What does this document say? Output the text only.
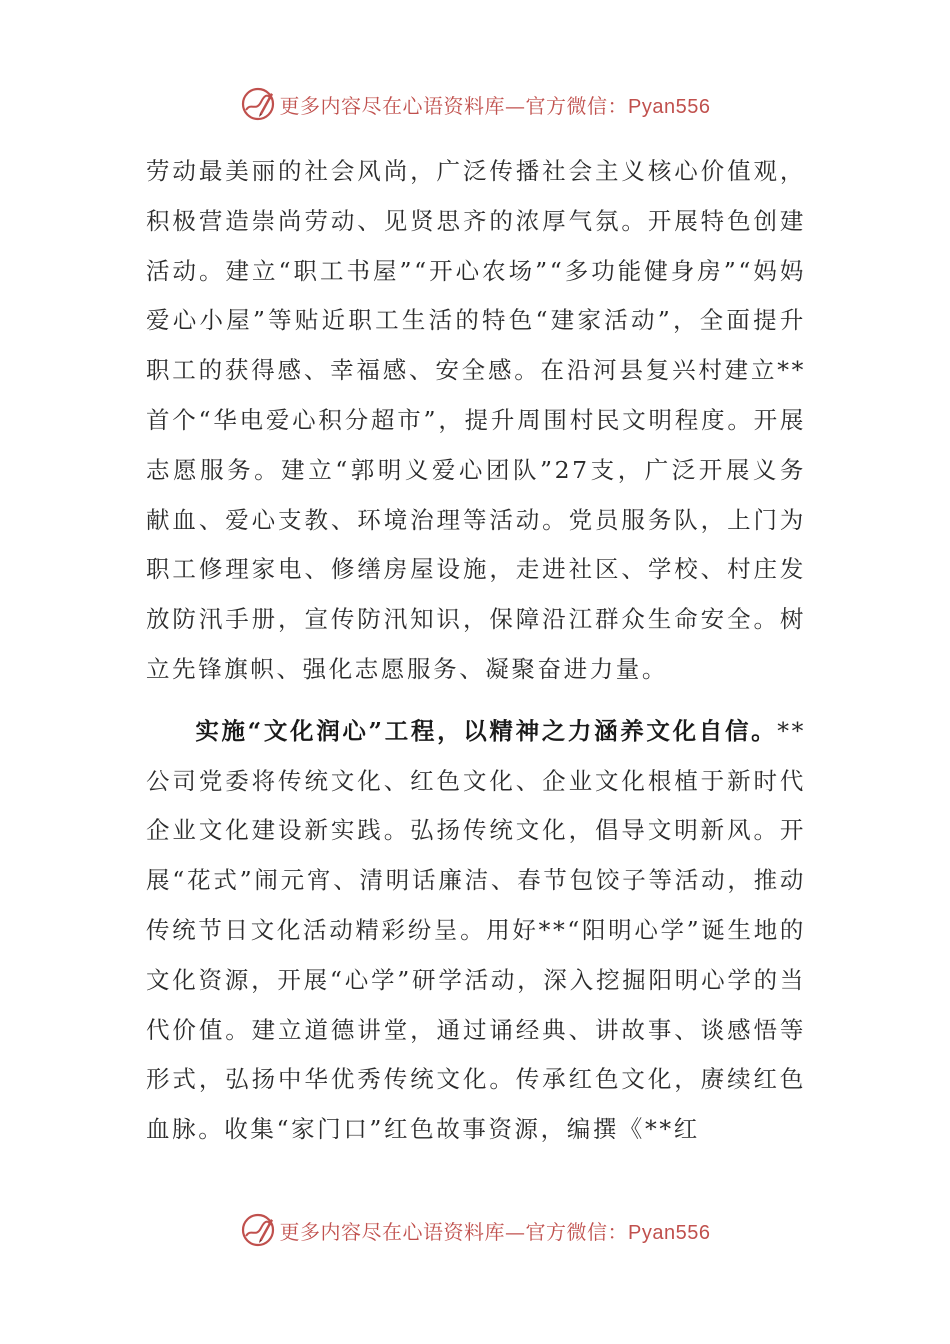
更多内容尽在心语资料库—官方微信：Pyan556

劳动最美丽的社会风尚，广泛传播社会主义核心价值观，积极营造崇尚劳动、见贤思齐的浓厚气氛。开展特色创建活动。建立“职工书屋”“开心农场”“多功能健身房”“妈妈爱心小屋”等贴近职工生活的特色“建家活动”，全面提升职工的获得感、幸福感、安全感。在沿河县复兴村建立**首个“华电爱心积分超市”，提升周围村民文明程度。开展志愿服务。建立“郭明义爱心团队”27支，广泛开展义务献血、爱心支教、环境治理等活动。党员服务队，上门为职工修理家电、修缮房屋设施，走进社区、学校、村庄发放防汛手册，宣传防汛知识，保障沿江群众生命安全。树立先锋旗帜、强化志愿服务、凝聚奋进力量。

实施“文化润心”工程，以精神之力涵养文化自信。**公司党委将传统文化、红色文化、企业文化根植于新时代企业文化建设新实践。弘扬传统文化，倡导文明新风。开展“花式”闹元宵、清明话廉洁、春节包饺子等活动，推动传统节日文化活动精彩纷呈。用好**“阳明心学”诞生地的文化资源，开展“心学”研学活动，深入挖掘阳明心学的当代价值。建立道德讲堂，通过诵经典、讲故事、谈感悟等形式，弘扬中华优秀传统文化。传承红色文化，赓续红色血脉。收集“家门口”红色故事资源，编撰《**红

更多内容尽在心语资料库—官方微信：Pyan556
